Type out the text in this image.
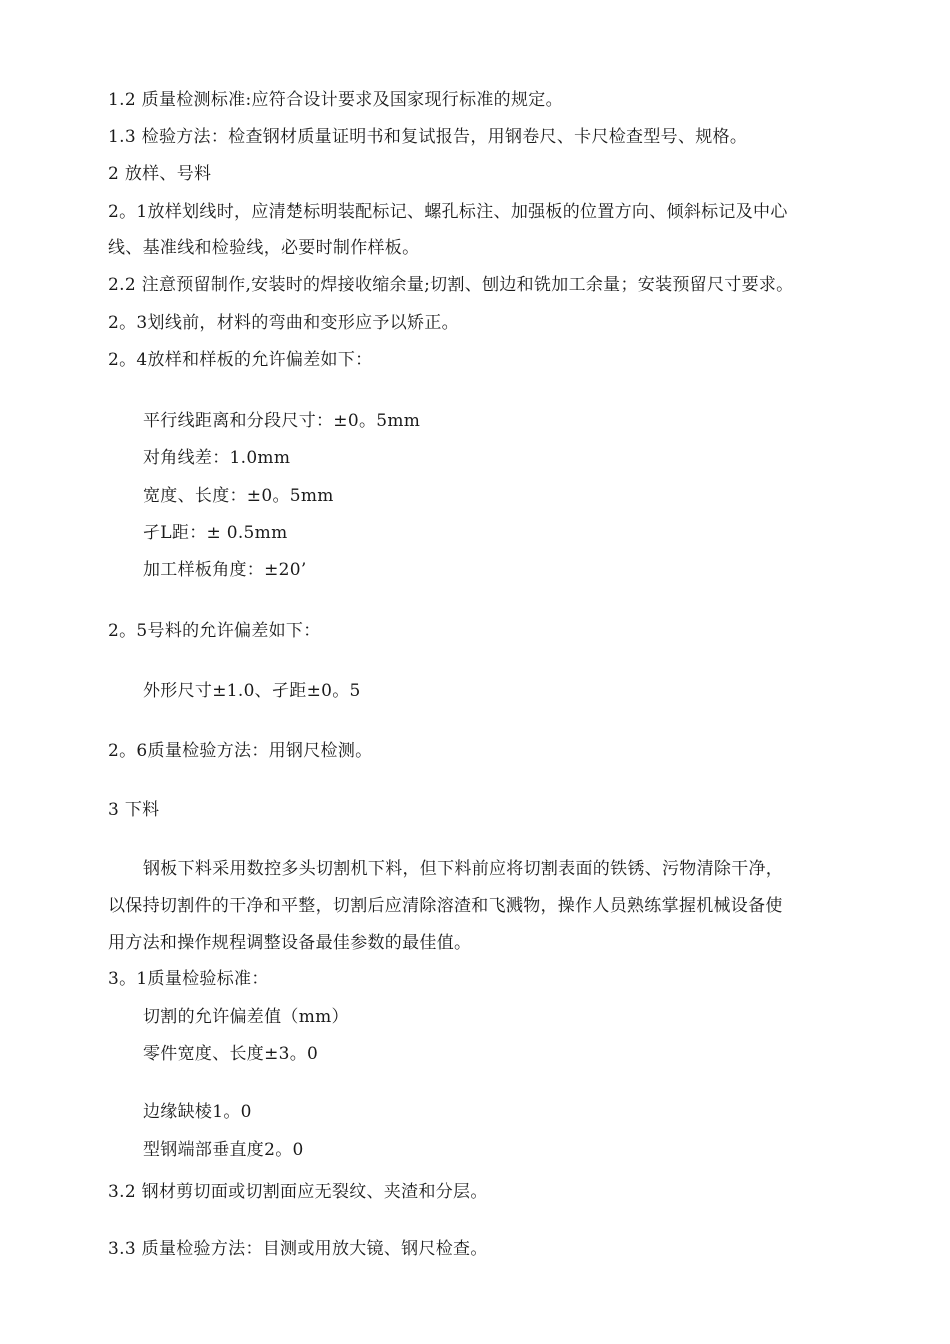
1.2 质量检测标准:应符合设计要求及国家现行标准的规定。
1.3 检验方法：检查钢材质量证明书和复试报告，用钢卷尺、卡尺检查型号、规格。
2 放样、号料
2。1放样划线时，应清楚标明装配标记、螺孔标注、加强板的位置方向、倾斜标记及中心
线、基准线和检验线，必要时制作样板。
2.2 注意预留制作,安装时的焊接收缩余量;切割、刨边和铣加工余量；安装预留尺寸要求。
2。3划线前，材料的弯曲和变形应予以矫正。
2。4放样和样板的允许偏差如下：
平行线距离和分段尺寸：±0。5mm
对角线差：1.0mm
宽度、长度：±0。5mm
孑L距：± 0.5mm
加工样板角度：±20’
2。5号料的允许偏差如下：
外形尺寸±1.0、孑距±0。5
2。6质量检验方法：用钢尺检测。
3 下料
钢板下料采用数控多头切割机下料，但下料前应将切割表面的铁锈、污物清除干净，
以保持切割件的干净和平整，切割后应清除溶渣和飞溅物，操作人员熟练掌握机械设备使
用方法和操作规程调整设备最佳参数的最佳值。
3。1质量检验标准：
切割的允许偏差值（mm）
零件宽度、长度±3。0
边缘缺棱1。0
型钢端部垂直度2。0
3.2 钢材剪切面或切割面应无裂纹、夹渣和分层。
3.3 质量检验方法：目测或用放大镜、钢尺检查。
